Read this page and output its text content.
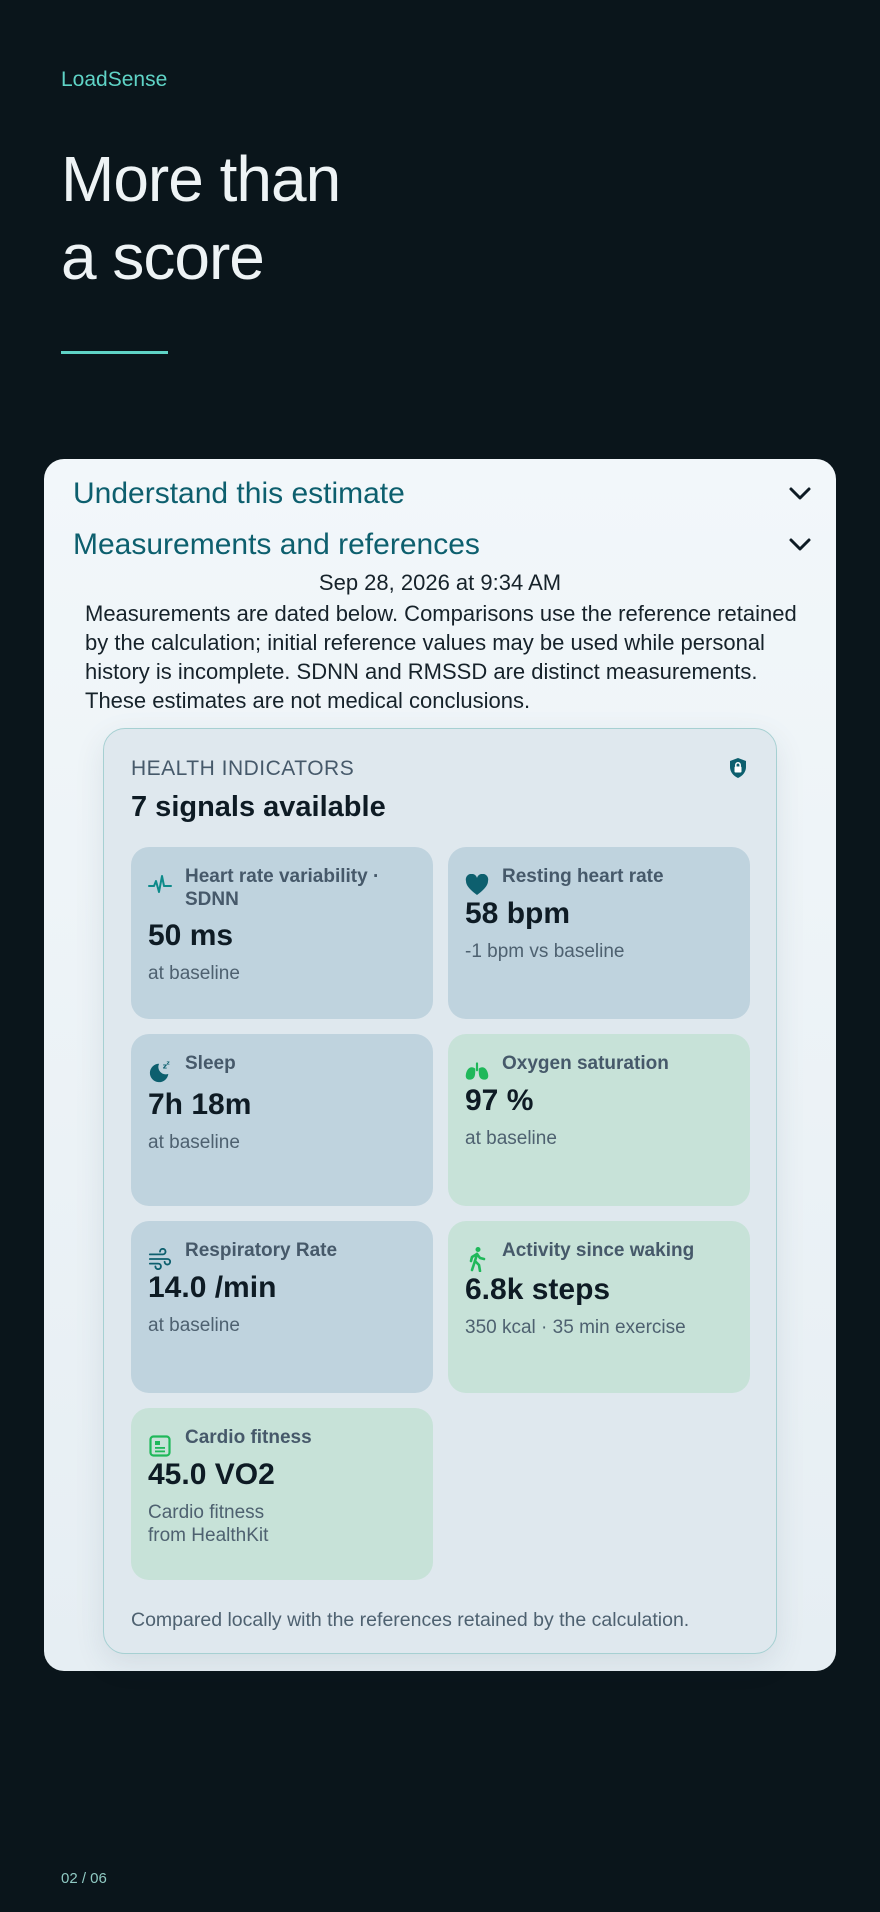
LoadSense
More than
a score
Understand this estimate
Measurements and references
Sep 28, 2026 at 9:34 AM

Measurements are dated below. Comparisons use the reference retained by the calculation; initial reference values may be used while personal history is incomplete. SDNN and RMSSD are distinct measurements. These estimates are not medical conclusions.

HEALTH INDICATORS
7 signals available
Heart rate variability · SDNN
50 ms
at baseline
Resting heart rate
58 bpm
-1 bpm vs baseline
z z Sleep
7h 18m
at baseline
Oxygen saturation
97 %
at baseline
Respiratory Rate
14.0 /min
at baseline
Activity since waking
6.8k steps
350 kcal · 35 min exercise
Cardio fitness
45.0 VO2
Cardio fitness
from HealthKit
Compared locally with the references retained by the calculation.
02 / 06
